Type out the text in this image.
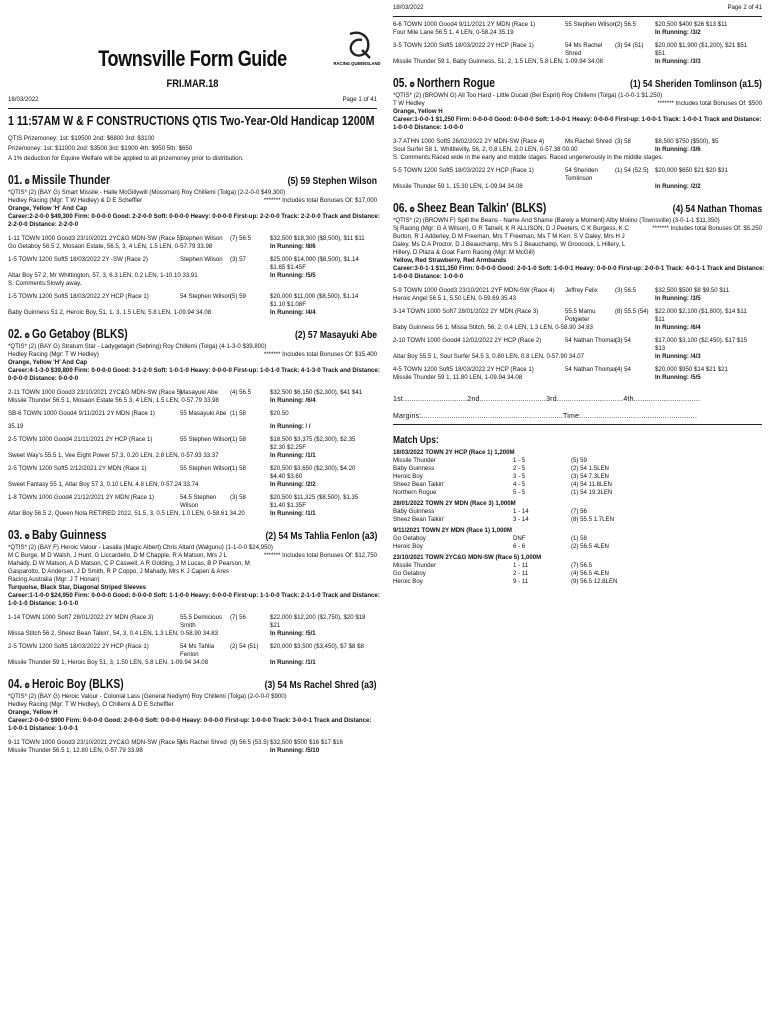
Townsville Form Guide
FRI.MAR.18
18/03/2022	Page 1 of 41
1 11:57AM W & F CONSTRUCTIONS QTIS Two-Year-Old Handicap 1200M
QTIS Prizemoney: 1st: $19500 2nd: $6800 3rd: $3100
Prizemoney: 1st: $11000 2nd: $3500 3rd: $1900 4th: $950 5th: $650
A 1% deduction for Equine Welfare will be applied to all prizemoney prior to distribution.
01. ❂ Missile Thunder	(5) 59 Stephen Wilson
*QTIS* (2) (BAY G) Smart Missile - Halle McGillywill (Mossman) Roy Chillemi (Tolga) (2-2-0-0 $49,300)
Hedley Racing (Mgr: T W Hedley) & D E Scheffler	******* Includes total Bonuses Of: $17,000
Orange, Yellow 'H' And Cap
Career:2-2-0-0 $49,300 Firm: 0-0-0-0 Good: 2-2-0-0 Soft: 0-0-0-0 Heavy: 0-0-0-0 First-up: 2-2-0-0 Track: 2-2-0-0 Track and Distance:
2-2-0-0 Distance: 2-2-0-0
1-11 TOWN 1000 Good3 23/10/2021 2YC&G MDN-SW (Race 5)
Stephen Wilson	(7) 56.5	$32,500 $18,300 ($8,500), $11 $11
Go Getaboy 56.5 2, Mosaon Estate, 56.5, 3, 4 LEN, 1.5 LEN, 0-57.79 33.98	In Running: /8/6
1-5 TOWN 1200 Soft5 18/03/2022 2Y -SW (Race 2)	Stephen Wilson	(3) 57	$25,000 $14,000 ($8,500), $1.14
$1.65 $1.45F
Altar Boy 57 2, Mr Whittington, 57, 3, 6.3 LEN, 0.2 LEN, 1-10.10 33.91	In Running: /5/5
S. Comments:Slowly away.
1-5 TOWN 1200 Soft5 18/03/2022 2Y HCP (Race 1)	54 Stephen Wilson
(5) 59	$20,000 $11,000 ($8,500), $1.14
$1.10 $1.08F
Baby Guinness 51 2, Heroic Boy, 51, 1, 3, 1.5 LEN, 5.8 LEN, 1-09.94 34.08	In Running: /4/4
02. ❂ Go Getaboy (BLKS)	(2) 57 Masayuki Abe
*QTIS* (2) (BAY G) Stratum Star - Ladygetagirl (Sebring) Roy Chillemi (Tolga) (4-1-3-0 $39,800)
Hedley Racing (Mgr: T W Hedley)	******* Includes total Bonuses Of: $15,400
Orange, Yellow 'H' And Cap
Career:4-1-3-0 $39,800 Firm: 0-0-0-0 Good: 3-1-2-0 Soft: 1-0-1-0 Heavy: 0-0-0-0 First-up: 1-0-1-0 Track: 4-1-3-0 Track and Distance:
0-0-0-0 Distance: 0-0-0-0
2-11 TOWN 1000 Good3 23/10/2021 2YC&G MDN-SW (Race 5)
Masayuki Abe	(4) 56.5	$32,500 $6,150 ($2,300), $41 $41
Missile Thunder 56.5 1, Mosaon Estate 56.5 3, 4 LEN, 1.5 LEN, 0-57.79 33.98	In Running: /6/4
SB-6 TOWN 1000 Good4 9/11/2021 2Y MDN (Race 1)	55 Masayuki Abe (1) 58	$20.50
35.19	In Running: / /
2-5 TOWN 1000 Good4 21/11/2021 2Y HCP (Race 1)	55 Stephen Wilson
(1) 58	$18,500 $3,375 ($2,300), $2.35
$2.30 $2.25F
Sweet Way's 55.5 1, Vee Eight Power 57.3, 0.20 LEN, 2.8 LEN, 0-57.93 33.37	In Running: /1/1
2-5 TOWN 1200 Soft5 2/12/2021 2Y MDN (Race 1)	55 Stephen Wilson
(1) 58	$20,500 $3,650 ($2,300), $4.20
$4.40 $3.60
Sweet Fantasy 55 1, Altar Boy 57 3, 0.10 LEN, 4.8 LEN, 0-57.24 33.74	In Running: /2/2
1-8 TOWN 1000 Good4 21/12/2021 2Y MDN (Race 1)	54.5 Stephen	(3) 58	$20,500 $11,325 ($8,500), $1.35
Wilson	$1.40 $1.35F
Altar Boy 56.5 2, Queen Nola RETIRED 2022, 51.5, 3, 0.5 LEN, 1.0 LEN, 0-58.61 34.20	In Running: /1/1
03. ❂ Baby Guinness	(2) 54 Ms Tahlia Fenlon (a3)
*QTIS* (2) (BAY F) Heroic Valour - Lasalia (Magic Albert) Chris Altard (Walgunu) (1-1-0-0 $24,950)
M C Burge, M D Walsh, J Hunt, G Liccardello, D M Chapple, R A Matson, Mrs J L	******* Includes total Bonuses Of: $12,750
Mahady, D W Matson, A D Matson, C P Caswell, A R Golding, J M Lucas, B P Pearson, M
Gasparotto, D Andersen, J D Smith, R P Coppo, J Mahady, Mrs K J Capen & Ares
Racing Australia (Mgr: J T Honan)
Turquoise, Black Star, Diagonal Striped Sleeves
Career:1-1-0-0 $24,950 Firm: 0-0-0-0 Good: 0-0-0-0 Soft: 1-1-0-0 Heavy: 0-0-0-0 First-up: 1-1-0-0 Track: 2-1-1-0 Track and Distance:
1-0-1-0 Distance: 1-0-1-0
1-14 TOWN 1000 Soft7 28/01/2022 2Y MDN (Race 3)	55.5 Demicious	(7) 56	$22,000 $12,200 ($2,750), $20 $18
Smith	$21
Missa Stitch 56 2, Sheez Bean Talkin', 54, 3, 0.4 LEN, 1.3 LEN, 0-58.90 34.83	In Running: /5/1
2-5 TOWN 1200 Soft5 18/03/2022 2Y HCP (Race 1)	54 Ms Tahlia	(2) 54 (51)	$20,000 $3,500 ($3,450), $7 $8 $8
Fenlon
Missile Thunder 59 1, Heroic Boy 51, 3, 1.50 LEN, 5.8 LEN, 1-09.94 34.08	In Running: /1/1
04. ❂ Heroic Boy (BLKS)	(3) 54 Ms Rachel Shred (a3)
*QTIS* (2) (BAY G) Heroic Valour - Colonial Lass (General Nediym) Roy Chillemi (Tolga) (2-0-0-0 $900)
Hedley Racing (Mgr: T W Hedley), O Chillemi & D E Scheffler
Orange, Yellow H
Career:2-0-0-0 $900 Firm: 0-0-0-0 Good: 2-0-0-0 Soft: 0-0-0-0 Heavy: 0-0-0-0 First-up: 1-0-0-0 Track: 3-0-0-1 Track and Distance:
1-0-0-1 Distance: 1-0-0-1
9-11 TOWN 1000 Good3 23/10/2021 2YC&G MDN-SW (Race 5)
Ms Rachel Shred (9) 56.5 (53.5) $32,500 $500 $16 $17 $16
Missile Thunder 56.5 1, 12.80 LEN, 0-57.79 33.98	In Running: /5/10
18/03/2022	Page 2 of 41
6-6 TOWN 1000 Good4 9/11/2021 2Y MDN (Race 1)	55 Stephen Wilson
(2) 56.5	$20,500 $400 $26 $13 $11
Four Mile Lane 56.5 1, 4 LEN, 0-58.24 35.19	In Running: /3/2
3-5 TOWN 1200 Soft5 18/03/2022 2Y HCP (Race 1)	54 Ms Rachel	(3) 54 (51)	$20,000 $1,900 ($1,200), $21 $51
Shred	$51
Missile Thunder 59 1, Baby Guinness, 51, 2, 1.5 LEN, 5.8 LEN, 1-09.94 34.08	In Running: /3/3
05. ❂ Northern Rogue	(1) 54 Sheriden Tomlinson (a1.5)
*QTIS* (2) (BROWN G) All Too Hard - Little Ducati (Bel Esprit) Roy Chillemi (Tolga) (1-0-0-1 $1,250)
T W Hedley	******* Includes total Bonuses Of: $500
Orange, Yellow H
Career:1-0-0-1 $1,250 Firm: 0-0-0-0 Good: 0-0-0-0 Soft: 1-0-0-1 Heavy: 0-0-0-0 First-up: 1-0-0-1 Track: 1-0-0-1 Track and Distance:
1-0-0-0 Distance: 1-0-0-0
3-7 ATHN 1000 Soft5 26/02/2022 2Y MDN-SW (Race 4)	Ms Rachel Shred (3) 58	$8,500 $750 ($500), $5
Soul Surfer 58 1, Whittlevilly, 56, 2, 0.8 LEN, 2.0 LEN, 0-57.38 00.00	In Running: /3/6
S. Comments:Raced wide in the early and middle stages. Raced ungenerously in the middle stages.
5-5 TOWN 1200 Soft5 18/03/2022 2Y HCP (Race 1)	54 Sheriden	(1) 54 (52.5)	$20,000 $650 $21 $20 $31
Tomlinson
Missile Thunder 59 1, 15.30 LEN, 1-09.94 34.08	In Running: /2/2
06. ❂ Sheez Bean Talkin' (BLKS)	(4) 54 Nathan Thomas
*QTIS* (2) (BROWN F) Spill the Beans - Name And Shame (Barely a Moment) Alby Molino (Townsville) (3-0-1-1 $11,350)
Sj Racing (Mgr: G A Wilson), G R Tatnell, K R ALLISON, D J Peeters, C K Burgess, K C	******* Includes total Bonuses Of: $5,250
Burton, R J Adderley, D M Freeman, Mrs T Freeman, Ms T M Kerr, S V Daley, Mrs H J
Daley, Ms D A Proctor, D J Beauchamp, Mrs S J Beauchamp, W Groocock, L Hillery, L
Hillery, D Plaza & Goat Farm Racing (Mgr: M McGill)
Yellow, Red Strawberry, Red Armbands
Career:3-0-1-1 $11,350 Firm: 0-0-0-0 Good: 2-0-1-0 Soft: 1-0-0-1 Heavy: 0-0-0-0 First-up: 2-0-0-1 Track: 4-0-1-1 Track and Distance:
1-0-0-0 Distance: 1-0-0-0
5-9 TOWN 1000 Good3 23/10/2021 2YF MDN-SW (Race 4)	Jeffrey Felix	(3) 56.5	$32,500 $500 $8 $9.50 $11
Heroic Angel 56.5 1, 5.50 LEN, 0-59.69 35.43	In Running: /3/5
3-14 TOWN 1000 Soft7 28/01/2022 2Y MDN (Race 3)	55.5 Mamu	(8) 55.5 (54)	$22,000 $2,100 ($1,800), $14 $11
Potgieter	$11
Baby Guinness 56 1, Missa Stitch, 56, 2, 0.4 LEN, 1.3 LEN, 0-58.90 34.83	In Running: /6/4
2-10 TOWN 1000 Good4 12/02/2022 2Y HCP (Race 2)	54 Nathan Thomas
(3) 54	$17,000 $3,100 ($2,450), $17 $15
$13
Altar Boy 55.5 1, Soul Surfer 54.5 3, 0.80 LEN, 0.8 LEN, 0-57.90 34.07	In Running: /4/3
4-5 TOWN 1200 Soft5 18/03/2022 2Y HCP (Race 1)	54 Nathan Thomas
(4) 54	$20,000 $950 $14 $21 $21
Missile Thunder 59 1, 11.80 LEN, 1-09.94 34.08	In Running: /5/5
1st..............................2nd...............................3rd...............................4th...............................
Margins:..................................................................Time:......................................................
Match Ups:
18/03/2022 TOWN 2Y HCP (Race 1) 1,200M
Missile Thunder	1 - 5	(5) 59
Baby Guinness	2 - 5	(2) 54 1.5LEN
Heroic Boy	3 - 5	(3) 54 7.3LEN
Sheez Bean Talkin'	4 - 5	(4) 54 11.8LEN
Northern Rogue	5 - 5	(1) 54 19.3LEN
28/01/2022 TOWN 2Y MDN (Race 3) 1,000M
Baby Guinness	1 - 14	(7) 56
Sheez Bean Talkin'	3 - 14	(8) 55.5 1.7LEN
9/11/2021 TOWN 2Y MDN (Race 1) 1,000M
Go Getaboy	DNF	(1) 58
Heroic Boy	6 - 6	(2) 56.5 4LEN
23/10/2021 TOWN 2YC&G MDN-SW (Race 5) 1,000M
Missile Thunder	1 - 11	(7) 56.5
Go Getaboy	2 - 11	(4) 56.5 4LEN
Heroic Boy	9 - 11	(9) 56.5 12.8LEN
RACING QUEENSLAND
